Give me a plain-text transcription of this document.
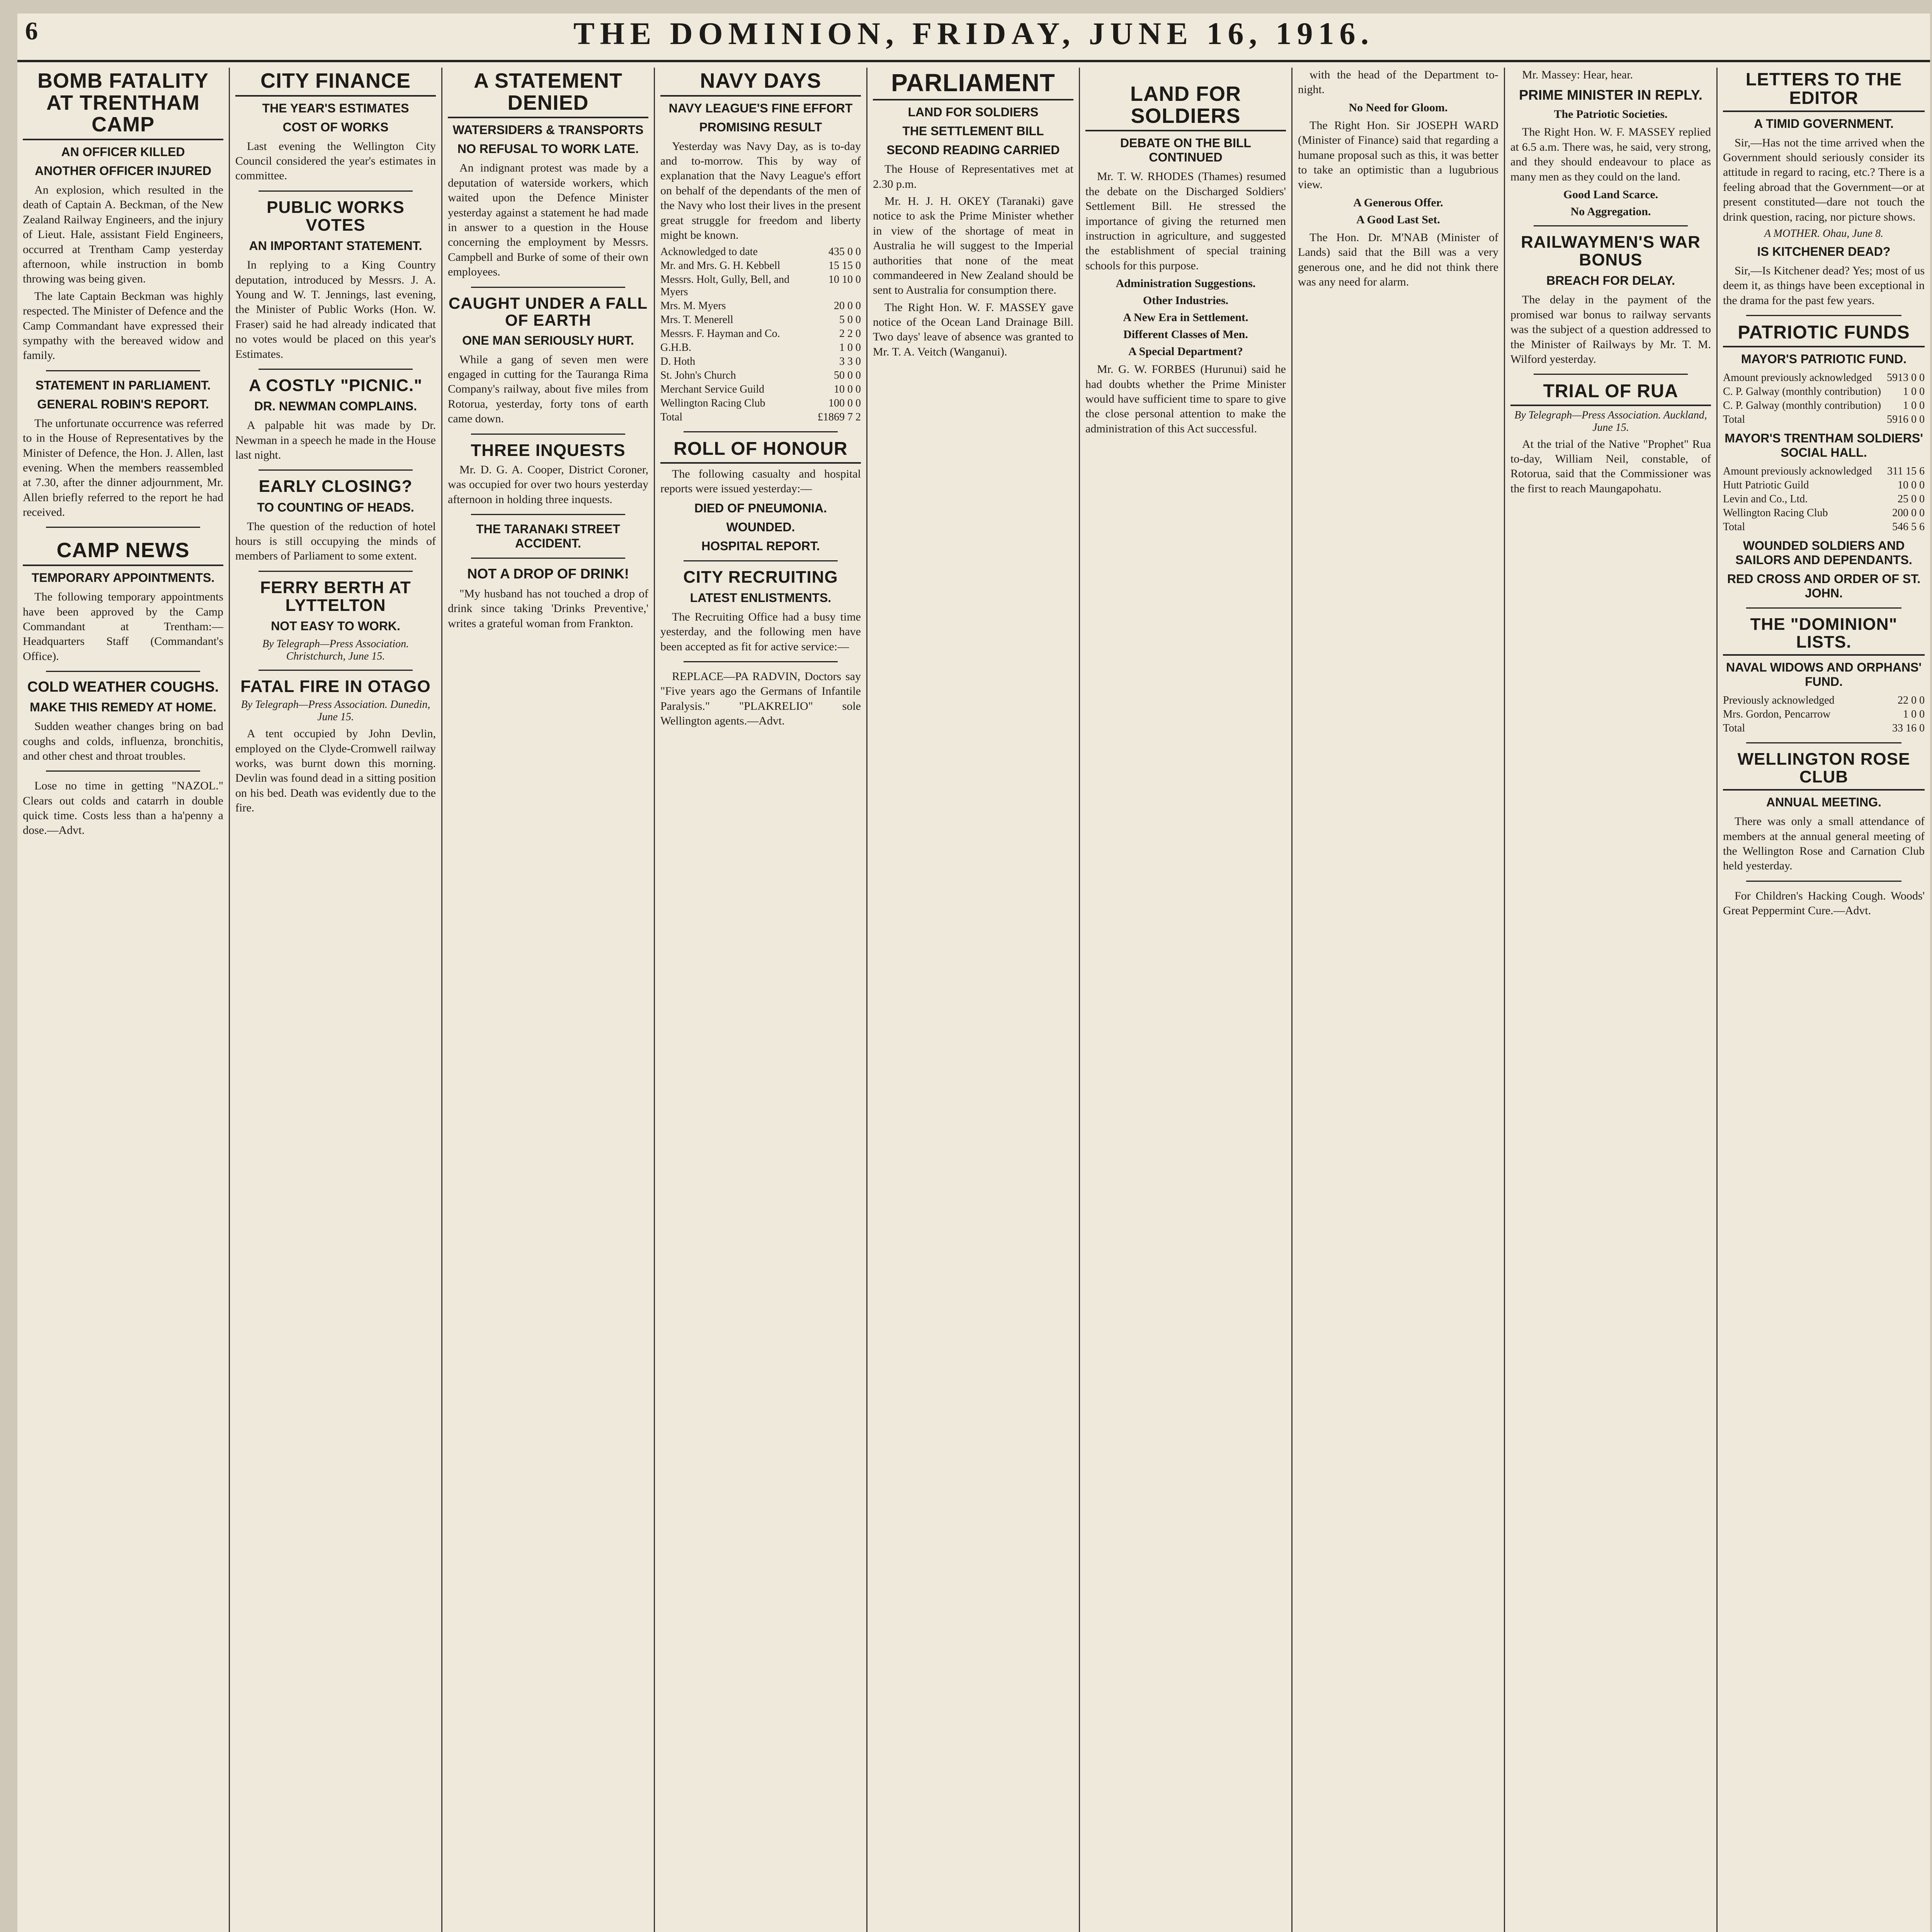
6	THE DOMINION, FRIDAY, JUNE 16, 1916.
BOMB FATALITY AT TRENTHAM CAMP
AN OFFICER KILLED
ANOTHER OFFICER INJURED

An explosion, which resulted in the death of Captain A. Beckman, of the New Zealand Railway Engineers, and the injury of Lieut. Hale, assistant Field Engineers, occurred at Trentham Camp yesterday afternoon, while instruction in bomb throwing was being given.

The late Captain Beckman was highly respected. The Minister of Defence and the Camp Commandant have expressed their sympathy with the bereaved widow and family.

STATEMENT IN PARLIAMENT.
GENERAL ROBIN'S REPORT.

The unfortunate occurrence was referred to in the House of Representatives by the Minister of Defence, the Hon. J. Allen, last evening. When the members reassembled at 7.30, after the dinner adjournment, Mr. Allen briefly referred to the report he had received.

CAMP NEWS
TEMPORARY APPOINTMENTS.

The following temporary appointments have been approved by the Camp Commandant at Trentham:— Headquarters Staff (Commandant's Office).

COLD WEATHER COUGHS.
MAKE THIS REMEDY AT HOME.

Sudden weather changes bring on bad coughs and colds, influenza, bronchitis, and other chest and throat troubles.

Lose no time in getting "NAZOL." Clears out colds and catarrh in double quick time. Costs less than a ha'penny a dose.—Advt.

CITY FINANCE
THE YEAR'S ESTIMATES
COST OF WORKS

Last evening the Wellington City Council considered the year's estimates in committee.

PUBLIC WORKS VOTES
AN IMPORTANT STATEMENT.

In replying to a King Country deputation, introduced by Messrs. J. A. Young and W. T. Jennings, last evening, the Minister of Public Works (Hon. W. Fraser) said he had already indicated that no votes would be placed on this year's Estimates.

A COSTLY "PICNIC."
DR. NEWMAN COMPLAINS.

A palpable hit was made by Dr. Newman in a speech he made in the House last night.

EARLY CLOSING?
TO COUNTING OF HEADS.

The question of the reduction of hotel hours is still occupying the minds of members of Parliament to some extent.

FERRY BERTH AT LYTTELTON
NOT EASY TO WORK.
By Telegraph—Press Association. Christchurch, June 15.
FATAL FIRE IN OTAGO
By Telegraph—Press Association. Dunedin, June 15.

A tent occupied by John Devlin, employed on the Clyde-Cromwell railway works, was burnt down this morning. Devlin was found dead in a sitting position on his bed. Death was evidently due to the fire.

A STATEMENT DENIED
WATERSIDERS & TRANSPORTS
NO REFUSAL TO WORK LATE.

An indignant protest was made by a deputation of waterside workers, which waited upon the Defence Minister yesterday against a statement he had made in answer to a question in the House concerning the employment by Messrs. Campbell and Burke of some of their own employees.

CAUGHT UNDER A FALL OF EARTH
ONE MAN SERIOUSLY HURT.

While a gang of seven men were engaged in cutting for the Tauranga Rima Company's railway, about five miles from Rotorua, yesterday, forty tons of earth came down.

THREE INQUESTS

Mr. D. G. A. Cooper, District Coroner, was occupied for over two hours yesterday afternoon in holding three inquests.

THE TARANAKI STREET ACCIDENT.
NOT A DROP OF DRINK!

"My husband has not touched a drop of drink since taking 'Drinks Preventive,' writes a grateful woman from Frankton.

NAVY DAYS
NAVY LEAGUE'S FINE EFFORT
PROMISING RESULT

Yesterday was Navy Day, as is to-day and to-morrow. This by way of explanation that the Navy League's effort on behalf of the dependants of the men of the Navy who lost their lives in the present great struggle for freedom and liberty might be known.

Acknowledged to date	435 0 0
Mr. and Mrs. G. H. Kebbell	15 15 0
Messrs. Holt, Gully, Bell, and Myers	10 10 0
Mrs. M. Myers	20 0 0
Mrs. T. Menerell	5 0 0
Messrs. F. Hayman and Co.	2 2 0
G.H.B.	1 0 0
D. Hoth	3 3 0
St. John's Church	50 0 0
Merchant Service Guild	10 0 0
Wellington Racing Club	100 0 0
Total	£1869 7 2
ROLL OF HONOUR

The following casualty and hospital reports were issued yesterday:—

DIED OF PNEUMONIA.
WOUNDED.
HOSPITAL REPORT.
CITY RECRUITING
LATEST ENLISTMENTS.

The Recruiting Office had a busy time yesterday, and the following men have been accepted as fit for active service:—

REPLACE—PA RADVIN, Doctors say "Five years ago the Germans of Infantile Paralysis." "PLAKRELIO" sole Wellington agents.—Advt.

PARLIAMENT
LAND FOR SOLDIERS
THE SETTLEMENT BILL
SECOND READING CARRIED

The House of Representatives met at 2.30 p.m.

Mr. H. J. H. OKEY (Taranaki) gave notice to ask the Prime Minister whether in view of the shortage of meat in Australia he will suggest to the Imperial authorities that none of the meat commandeered in New Zealand should be sent to Australia for consumption there.

The Right Hon. W. F. MASSEY gave notice of the Ocean Land Drainage Bill. Two days' leave of absence was granted to Mr. T. A. Veitch (Wanganui).

LAND FOR SOLDIERS
DEBATE ON THE BILL CONTINUED

Mr. T. W. RHODES (Thames) resumed the debate on the Discharged Soldiers' Settlement Bill. He stressed the importance of giving the returned men instruction in agriculture, and suggested the establishment of special training schools for this purpose.

Administration Suggestions.
Other Industries.
A New Era in Settlement.
Different Classes of Men.
A Special Department?

Mr. G. W. FORBES (Hurunui) said he had doubts whether the Prime Minister would have sufficient time to spare to give the close personal attention to make the administration of this Act successful.

with the head of the Department to-night.

No Need for Gloom.

The Right Hon. Sir JOSEPH WARD (Minister of Finance) said that regarding a humane proposal such as this, it was better to take an optimistic than a lugubrious view.

A Generous Offer.
A Good Last Set.

The Hon. Dr. M'NAB (Minister of Lands) said that the Bill was a very generous one, and he did not think there was any need for alarm.

Mr. Massey: Hear, hear.

PRIME MINISTER IN REPLY.
The Patriotic Societies.

The Right Hon. W. F. MASSEY replied at 6.5 a.m. There was, he said, very strong, and they should endeavour to place as many men as they could on the land.

Good Land Scarce.
No Aggregation.
RAILWAYMEN'S WAR BONUS
BREACH FOR DELAY.

The delay in the payment of the promised war bonus to railway servants was the subject of a question addressed to the Minister of Railways by Mr. T. M. Wilford yesterday.

TRIAL OF RUA
By Telegraph—Press Association. Auckland, June 15.

At the trial of the Native "Prophet" Rua to-day, William Neil, constable, of Rotorua, said that the Commissioner was the first to reach Maungapohatu.

LETTERS TO THE EDITOR
A TIMID GOVERNMENT.

Sir,—Has not the time arrived when the Government should seriously consider its attitude in regard to racing, etc.? There is a feeling abroad that the Government—or at present constituted—dare not touch the drink question, racing, nor picture shows.

A MOTHER. Ohau, June 8.
IS KITCHENER DEAD?

Sir,—Is Kitchener dead? Yes; most of us deem it, as things have been exceptional in the drama for the past few years.

PATRIOTIC FUNDS
MAYOR'S PATRIOTIC FUND.
Amount previously acknowledged	5913 0 0
C. P. Galway (monthly contribution)	1 0 0
C. P. Galway (monthly contribution)	1 0 0
Total	5916 0 0
MAYOR'S TRENTHAM SOLDIERS' SOCIAL HALL.
Amount previously acknowledged	311 15 6
Hutt Patriotic Guild	10 0 0
Levin and Co., Ltd.	25 0 0
Wellington Racing Club	200 0 0
Total	546 5 6
WOUNDED SOLDIERS AND SAILORS AND DEPENDANTS.
RED CROSS AND ORDER OF ST. JOHN.
THE "DOMINION" LISTS.
NAVAL WIDOWS AND ORPHANS' FUND.
Previously acknowledged	22 0 0
Mrs. Gordon, Pencarrow	1 0 0
Total	33 16 0
WELLINGTON ROSE CLUB
ANNUAL MEETING.

There was only a small attendance of members at the annual general meeting of the Wellington Rose and Carnation Club held yesterday.

For Children's Hacking Cough. Woods' Great Peppermint Cure.—Advt.
